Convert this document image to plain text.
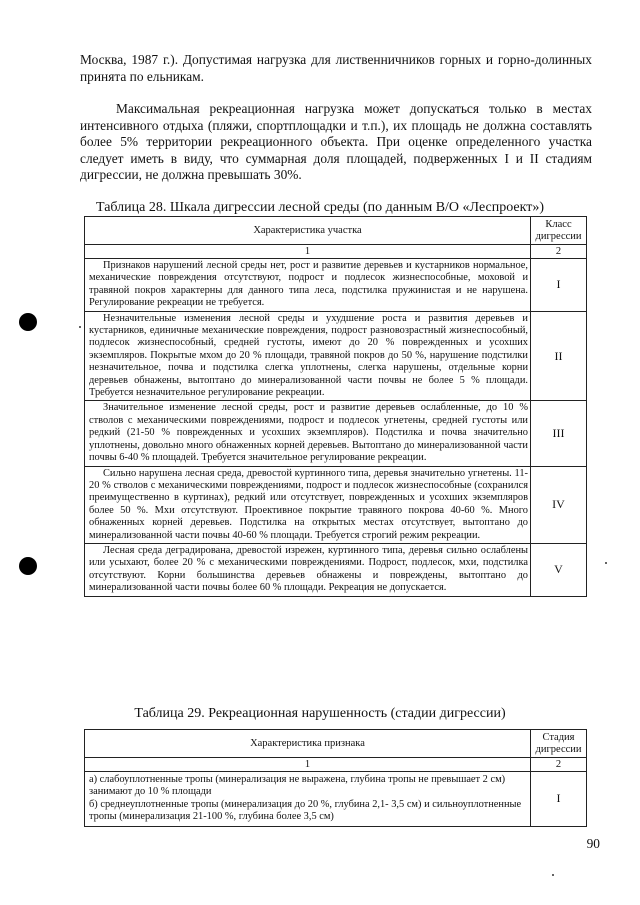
Москва, 1987 г.). Допустимая нагрузка для лиственничников горных и горно-долинных принята по ельникам.

Максимальная рекреационная нагрузка может допускаться только в местах интенсивного отдыха (пляжи, спортплощадки и т.п.), их площадь не должна составлять более 5% территории рекреационного объекта. При оценке определенного участка следует иметь в виду, что суммарная доля площадей, подверженных I и II стадиям дигрессии, не должна превышать 30%.

Таблица 28. Шкала дигрессии лесной среды (по данным В/О «Леспроект»)

Характеристика участка	Класс дигрессии
1	2

Признаков нарушений лесной среды нет, рост и развитие деревьев и кустарников нормальное, механические повреждения отсутствуют, подрост и подлесок жизнеспособные, моховой и травяной покров характерны для данного типа леса, подстилка пружинистая и не нарушена. Регулирование рекреации не требуется.	I

Незначительные изменения лесной среды и ухудшение роста и развития деревьев и кустарников, единичные механические повреждения, подрост разновозрастный жизнеспособный, подлесок жизнеспособный, средней густоты, имеют до 20 % поврежденных и усохших экземпляров. Покрытые мхом до 20 % площади, травяной покров до 50 %, нарушение подстилки незначительное, почва и подстилка слегка уплотнены, слегка нарушены, отдельные корни деревьев обнажены, вытоптано до минерализованной части почвы не более 5 % площади. Требуется незначительное регулирование рекреации.	II

Значительное изменение лесной среды, рост и развитие деревьев ослабленные, до 10 % стволов с механическими повреждениями, подрост и подлесок угнетены, средней густоты или редкий (21-50 % поврежденных и усохших экземпляров). Подстилка и почва значительно уплотнены, довольно много обнаженных корней деревьев. Вытоптано до минерализованной части почвы 6-40 % площадей. Требуется значительное регулирование рекреации.	III

Сильно нарушена лесная среда, древостой куртинного типа, деревья значительно угнетены. 11-20 % стволов с механическими повреждениями, подрост и подлесок жизнеспособные (сохранился преимущественно в куртинах), редкий или отсутствует, поврежденных и усохших экземпляров более 50 %. Мхи отсутствуют. Проективное покрытие травяного покрова 40-60 %. Много обнаженных корней деревьев. Подстилка на открытых местах отсутствует, вытоптано до минерализованной части почвы 40-60 % площади. Требуется строгий режим рекреации.	IV

Лесная среда деградирована, древостой изрежен, куртинного типа, деревья сильно ослаблены или усыхают, более 20 % с механическими повреждениями. Подрост, подлесок, мхи, подстилка отсутствуют. Корни большинства деревьев обнажены и повреждены, вытоптано до минерализованной части почвы более 60 % площади. Рекреация не допускается.	V

Таблица 29. Рекреационная нарушенность (стадии дигрессии)

Характеристика признака	Стадия дигрессии
1	2

а) слабоуплотненные тропы (минерализация не выражена, глубина тропы не превышает 2 см) занимают до 10 % площади
б) среднеуплотненные тропы (минерализация до 20 %, глубина 2,1- 3,5 см) и сильноуплотненные тропы (минерализация 21-100 %, глубина более 3,5 см)	I

90
